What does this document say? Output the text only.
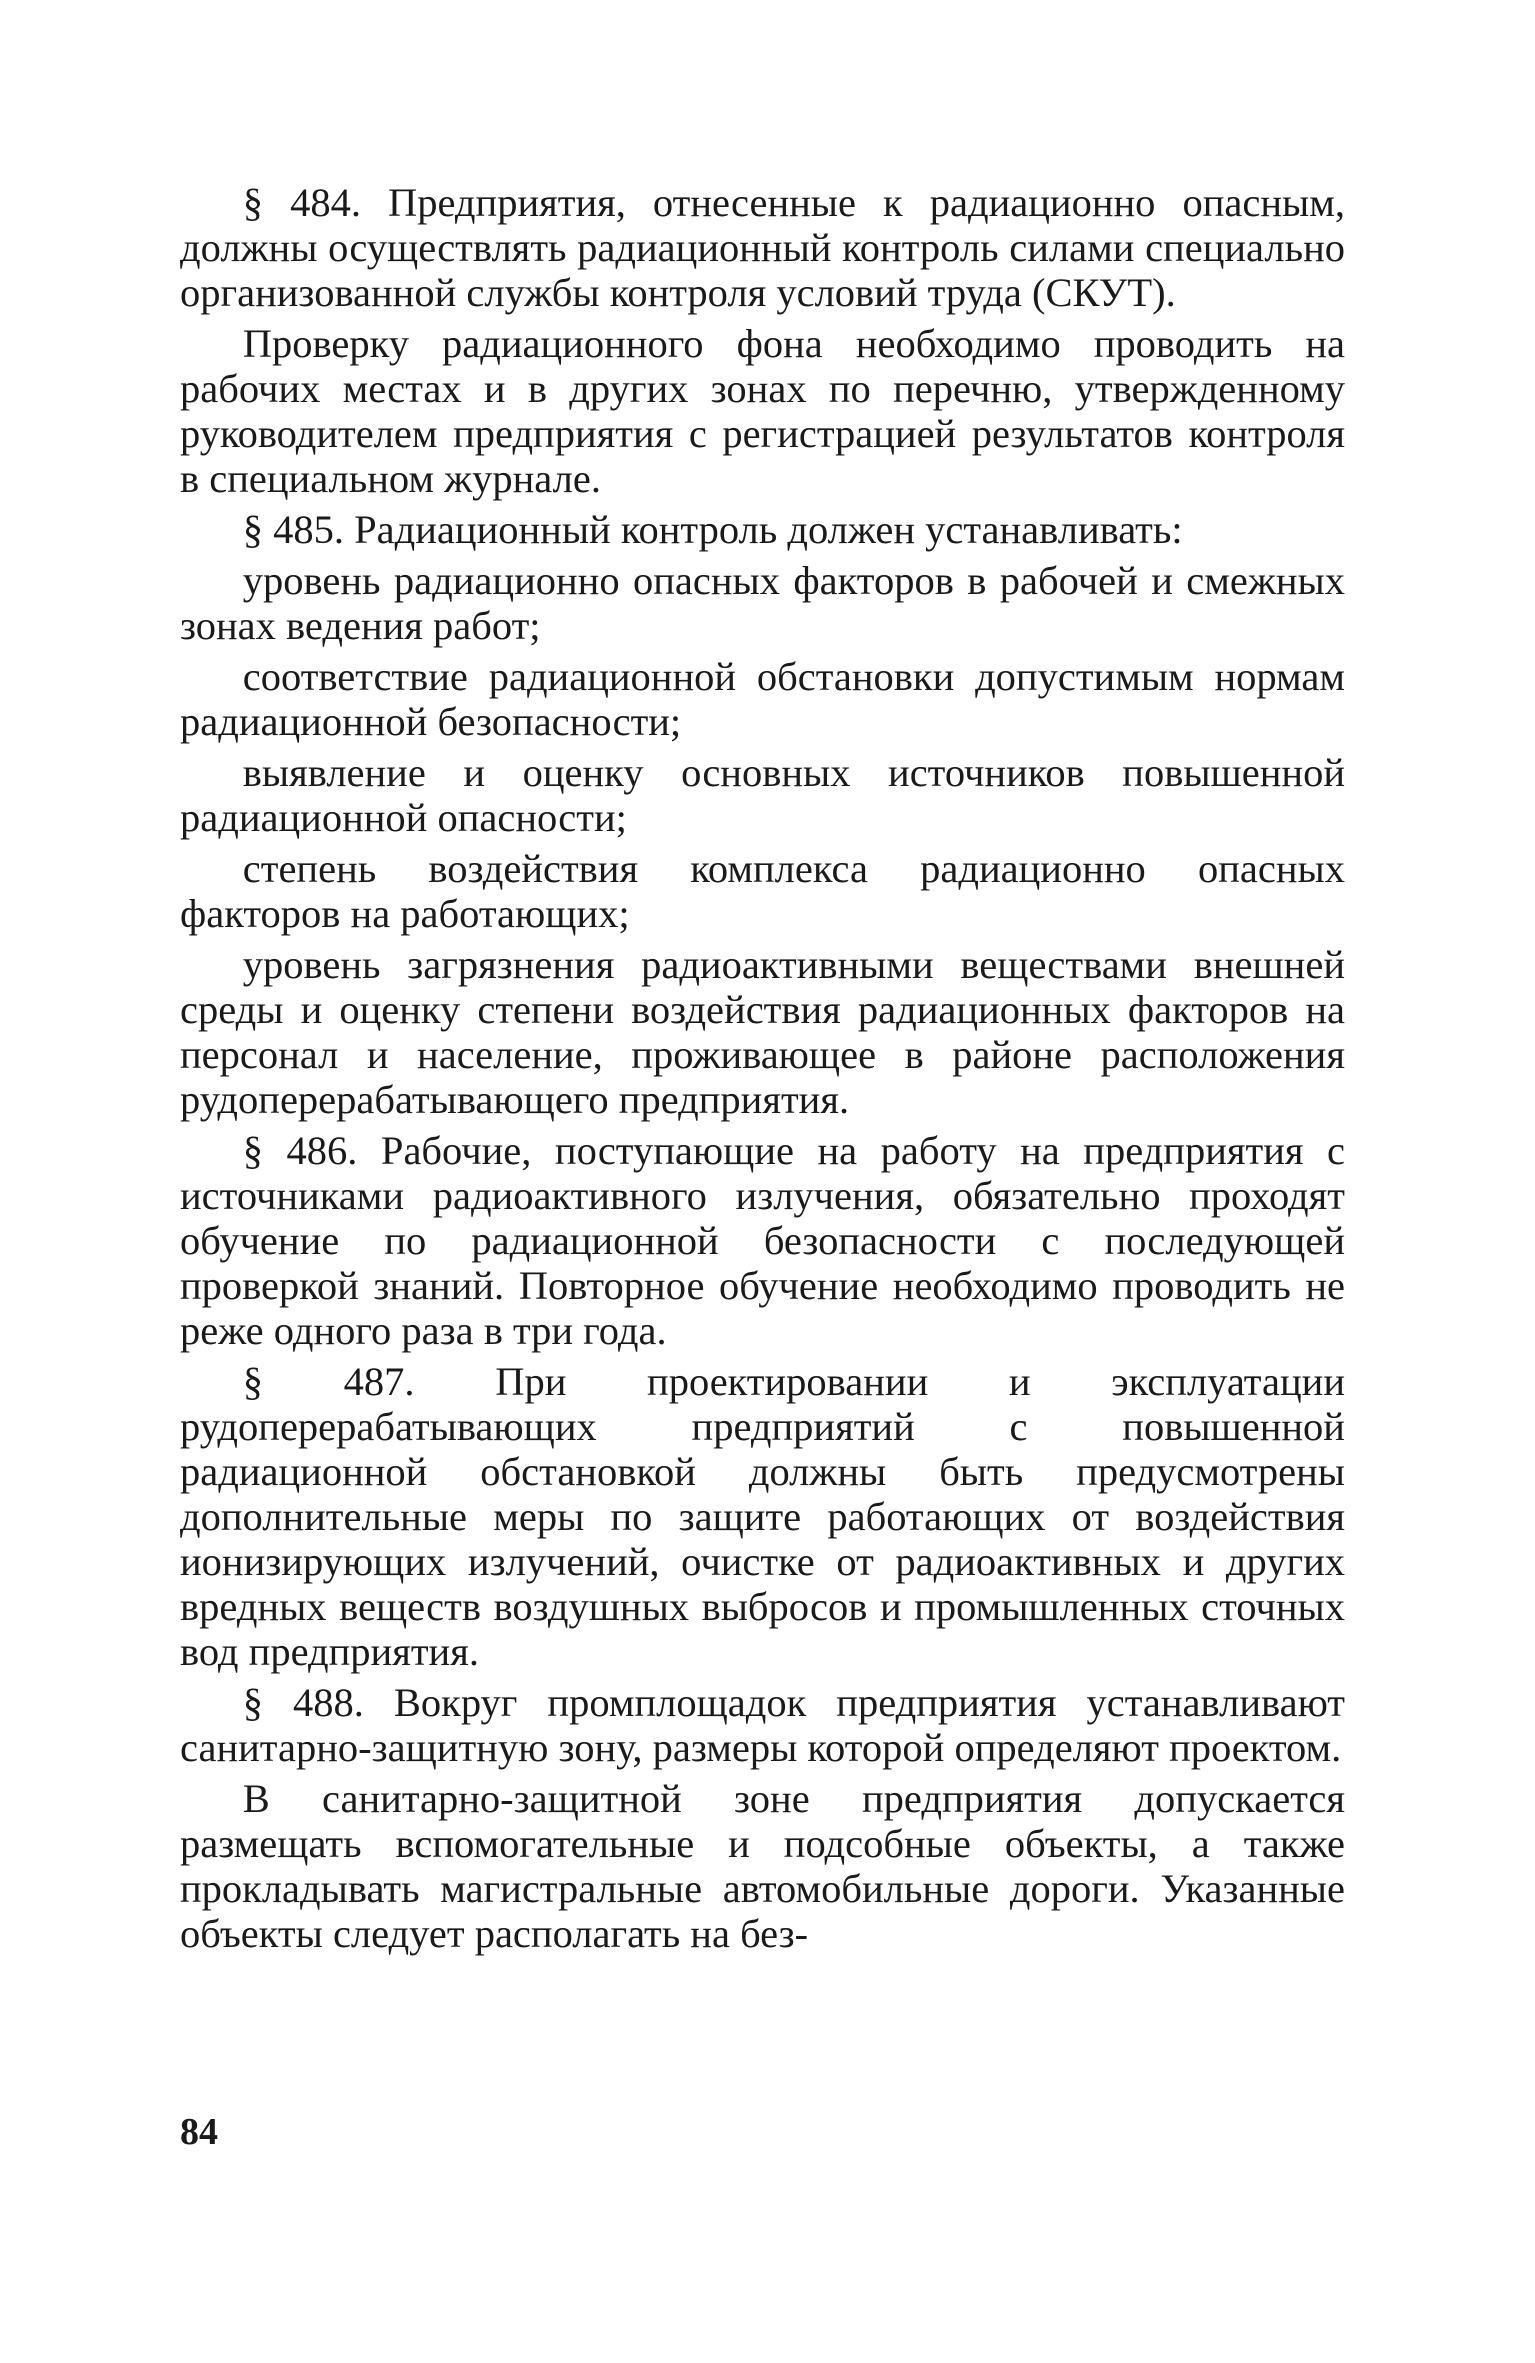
§ 484. Предприятия, отнесенные к радиационно опасным, должны осуществлять радиационный контроль силами специально организованной службы контроля условий труда (СКУТ).

Проверку радиационного фона необходимо проводить на рабочих местах и в других зонах по перечню, утвержденному руководителем предприятия с регистрацией результатов контроля в специальном журнале.

§ 485. Радиационный контроль должен устанавливать:

уровень радиационно опасных факторов в рабочей и смежных зонах ведения работ;

соответствие радиационной обстановки допустимым нормам радиационной безопасности;

выявление и оценку основных источников повышенной радиационной опасности;

степень воздействия комплекса радиационно опасных факторов на работающих;

уровень загрязнения радиоактивными веществами внешней среды и оценку степени воздействия радиационных факторов на персонал и население, проживающее в районе расположения рудоперерабатывающего предприятия.

§ 486. Рабочие, поступающие на работу на предприятия с источниками радиоактивного излучения, обязательно проходят обучение по радиационной безопасности с последующей проверкой знаний. Повторное обучение необходимо проводить не реже одного раза в три года.

§ 487. При проектировании и эксплуатации рудоперерабатывающих предприятий с повышенной радиационной обстановкой должны быть предусмотрены дополнительные меры по защите работающих от воздействия ионизирующих излучений, очистке от радиоактивных и других вредных веществ воздушных выбросов и промышленных сточных вод предприятия.

§ 488. Вокруг промплощадок предприятия устанавливают санитарно-защитную зону, размеры которой определяют проектом.

В санитарно-защитной зоне предприятия допускается размещать вспомогательные и подсобные объекты, а также прокладывать магистральные автомобильные дороги. Указанные объекты следует располагать на без-

84
